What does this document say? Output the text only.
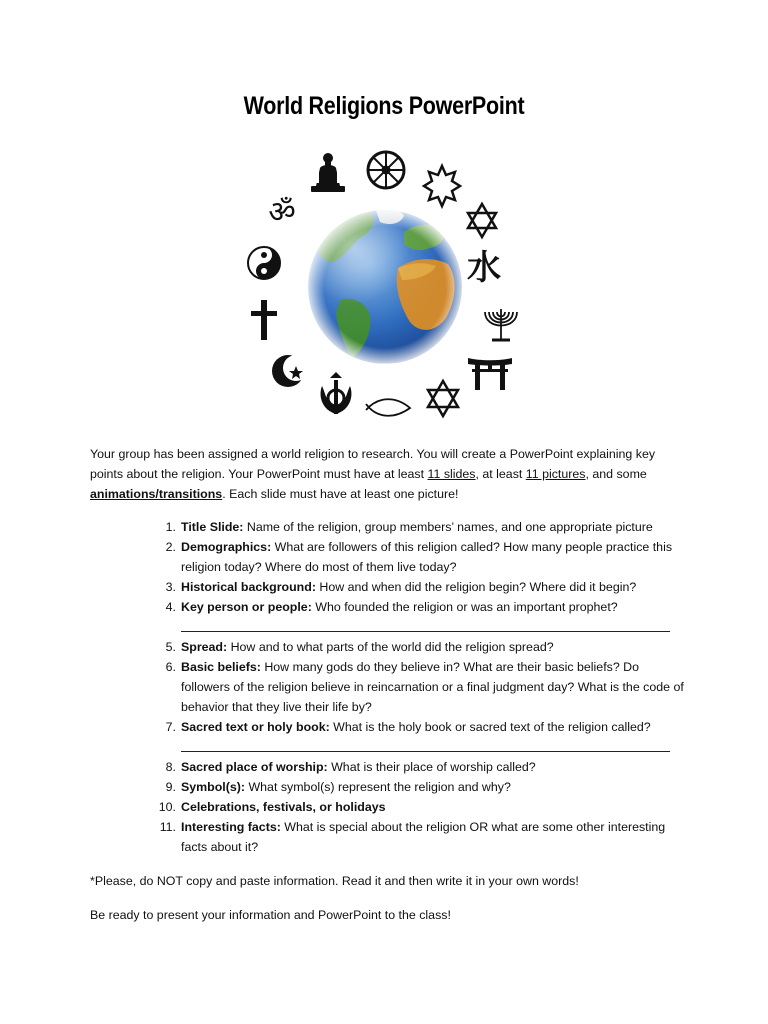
World Religions PowerPoint
水
ॐ
Your group has been assigned a world religion to research. You will create a PowerPoint explaining key points about the religion. Your PowerPoint must have at least 11 slides, at least 11 pictures, and some animations/transitions. Each slide must have at least one picture!
1. Title Slide: Name of the religion, group members’ names, and one appropriate picture
2. Demographics: What are followers of this religion called? How many people practice this religion today? Where do most of them live today?
3. Historical background: How and when did the religion begin? Where did it begin?
4. Key person or people: Who founded the religion or was an important prophet?
5. Spread: How and to what parts of the world did the religion spread?
6. Basic beliefs: How many gods do they believe in? What are their basic beliefs? Do followers of the religion believe in reincarnation or a final judgment day? What is the code of behavior that they live their life by?
7. Sacred text or holy book: What is the holy book or sacred text of the religion called?
8. Sacred place of worship: What is their place of worship called?
9. Symbol(s): What symbol(s) represent the religion and why?
10. Celebrations, festivals, or holidays
11. Interesting facts: What is special about the religion OR what are some other interesting facts about it?
*Please, do NOT copy and paste information. Read it and then write it in your own words!
Be ready to present your information and PowerPoint to the class!
